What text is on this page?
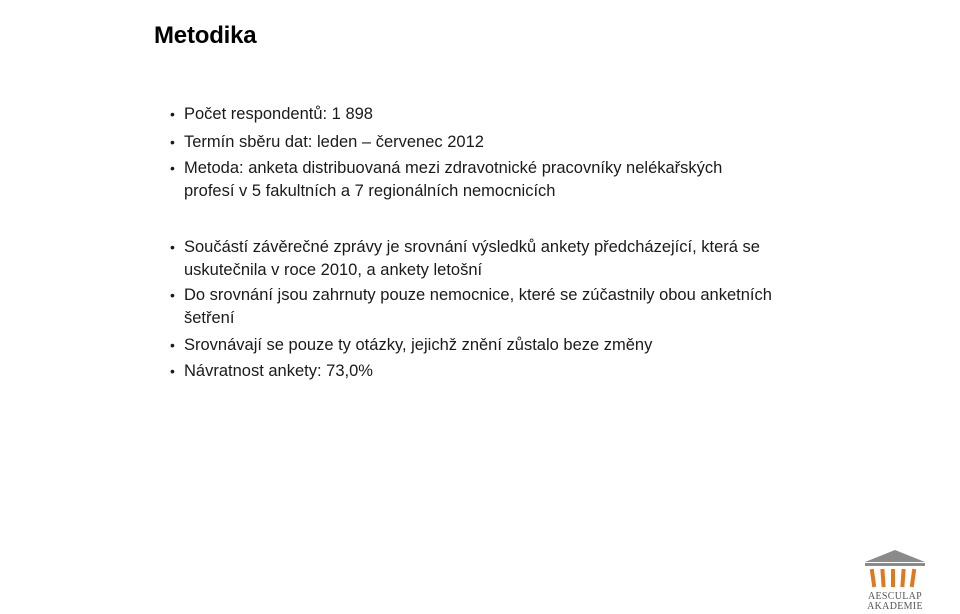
Metodika
• Počet respondentů: 1 898
• Termín sběru dat: leden – červenec 2012
• Metoda: anketa distribuovaná mezi zdravotnické pracovníky nelékařských
profesí v 5 fakultních a 7 regionálních nemocnicích
• Součástí závěrečné zprávy je srovnání výsledků ankety předcházející, která se
uskutečnila v roce 2010, a ankety letošní
• Do srovnání jsou zahrnuty pouze nemocnice, které se zúčastnily obou anketních
šetření
• Srovnávají se pouze ty otázky, jejichž znění zůstalo beze změny
• Návratnost ankety: 73,0%
AESCULAP
AKADEMIE
